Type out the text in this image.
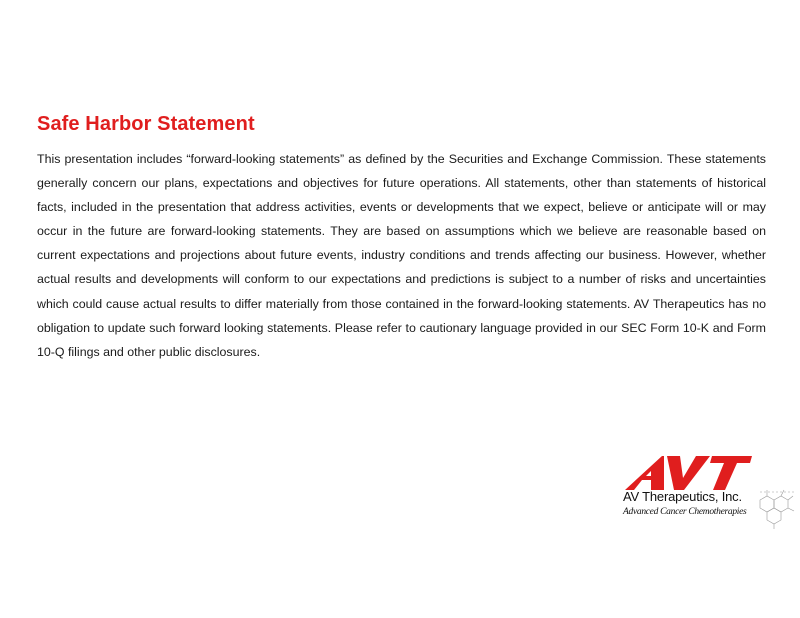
Safe Harbor Statement

This presentation includes “forward-looking statements” as defined by the Securities and Exchange Commission. These statements generally concern our plans, expectations and objectives for future operations. All statements, other than statements of historical facts, included in the presentation that address activities, events or developments that we expect, believe or anticipate will or may occur in the future are forward-looking statements. They are based on assumptions which we believe are reasonable based on current expectations and projections about future events, industry conditions and trends affecting our business. However, whether actual results and developments will conform to our expectations and predictions is subject to a number of risks and uncertainties which could cause actual results to differ materially from those contained in the forward-looking statements. AV Therapeutics has no obligation to update such forward looking statements. Please refer to cautionary language provided in our SEC Form 10-K and Form 10-Q filings and other public disclosures.

AV Therapeutics, Inc.
Advanced Cancer Chemotherapies
